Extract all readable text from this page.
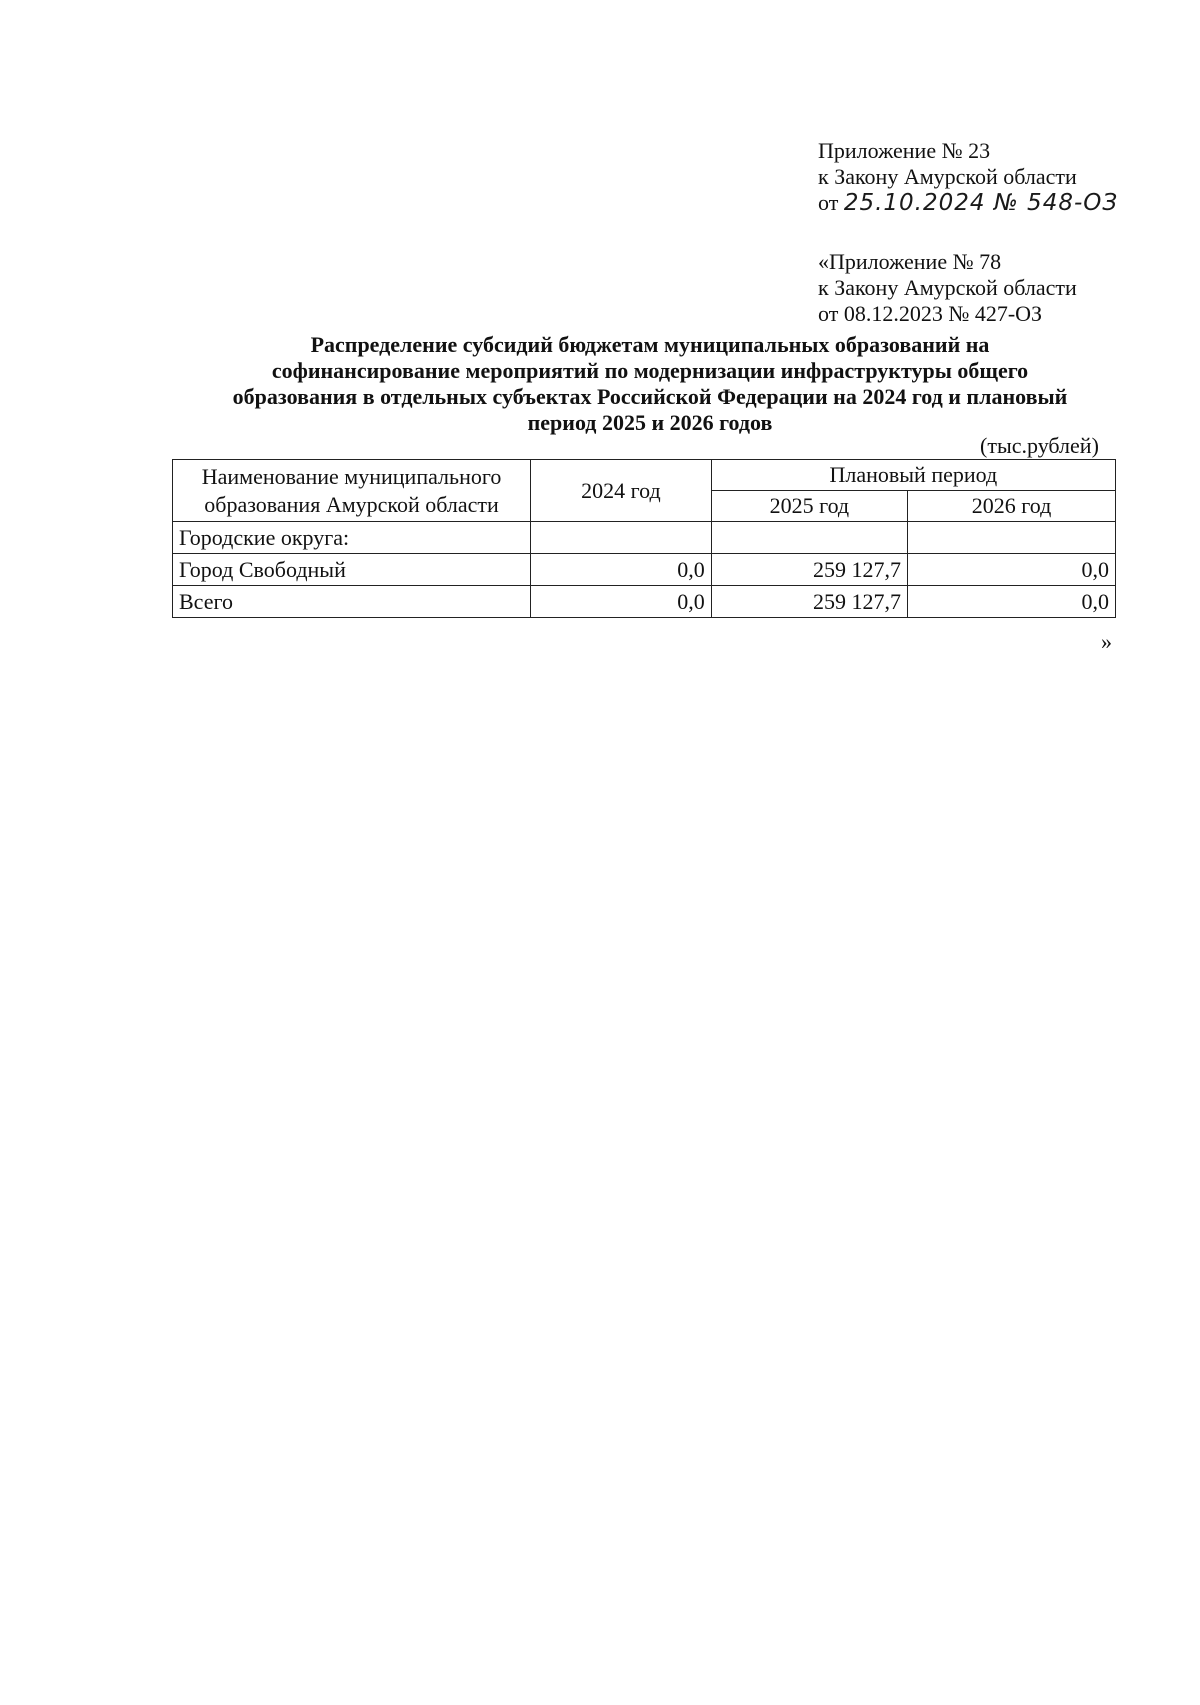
Приложение № 23
к Закону Амурской области
от 25.10.2024 № 548-ОЗ
«Приложение № 78
к Закону Амурской области
от 08.12.2023 № 427-ОЗ
Распределение субсидий бюджетам муниципальных образований на
софинансирование мероприятий по модернизации инфраструктуры общего
образования в отдельных субъектах Российской Федерации на 2024 год и плановый
период 2025 и 2026 годов
(тыс.рублей)
Наименование муниципального
образования Амурской области	2024 год	Плановый период	
		2025 год	2026 год
Городские округа:			
Город Свободный	0,0	259 127,7	0,0
Всего	0,0	259 127,7	0,0
»
